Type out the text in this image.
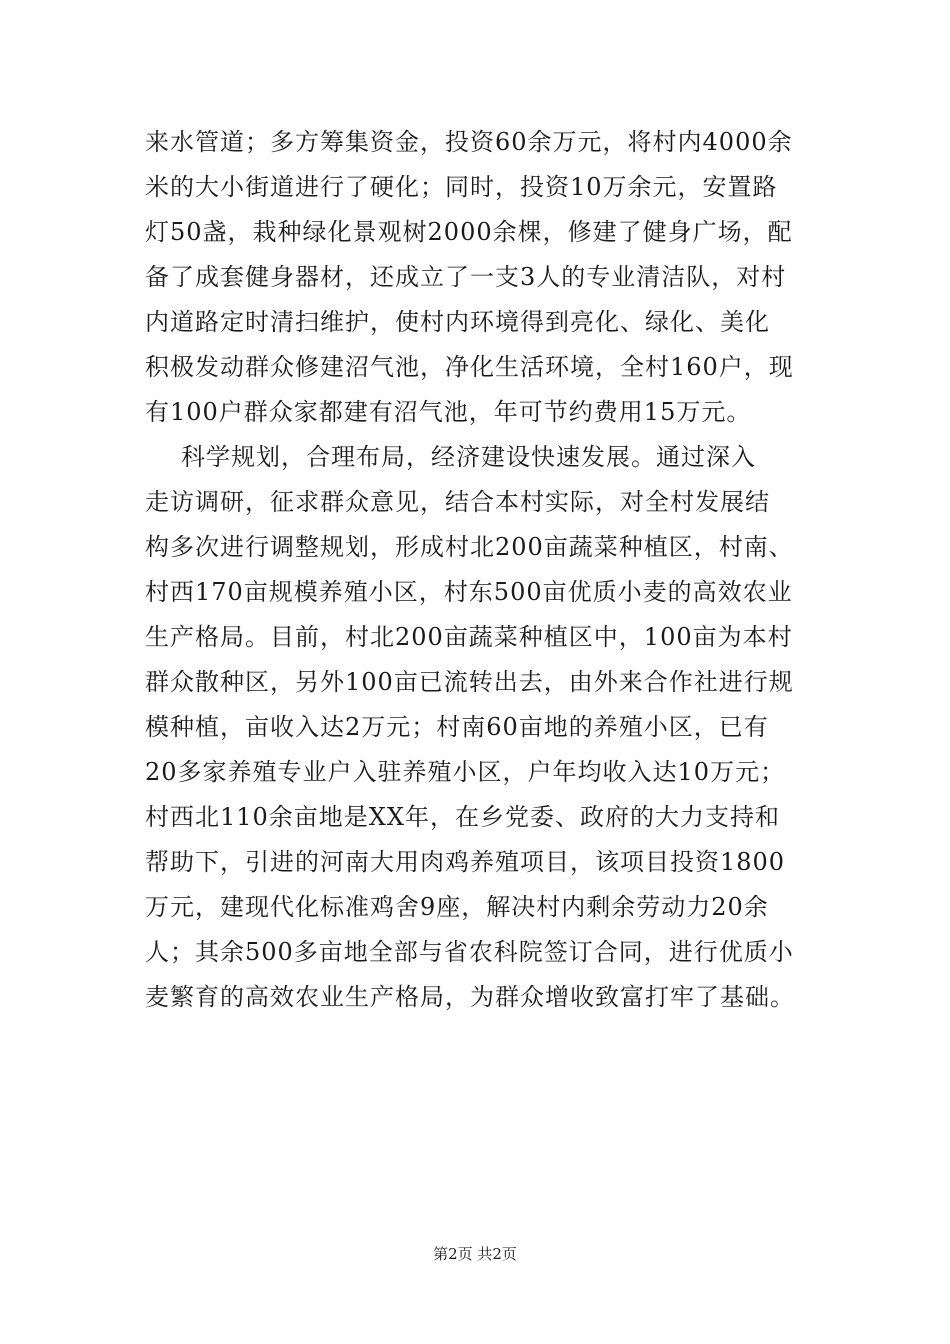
来水管道；多方筹集资金，投资60余万元，将村内4000余
米的大小街道进行了硬化；同时，投资10万余元，安置路
灯50盏，栽种绿化景观树2000余棵，修建了健身广场，配
备了成套健身器材，还成立了一支3人的专业清洁队，对村
内道路定时清扫维护，使村内环境得到亮化、绿化、美化
积极发动群众修建沼气池，净化生活环境，全村160户，现
有100户群众家都建有沼气池，年可节约费用15万元。
科学规划，合理布局，经济建设快速发展。通过深入
走访调研，征求群众意见，结合本村实际，对全村发展结
构多次进行调整规划，形成村北200亩蔬菜种植区，村南、
村西170亩规模养殖小区，村东500亩优质小麦的高效农业
生产格局。目前，村北200亩蔬菜种植区中，100亩为本村
群众散种区，另外100亩已流转出去，由外来合作社进行规
模种植，亩收入达2万元；村南60亩地的养殖小区，已有
20多家养殖专业户入驻养殖小区，户年均收入达10万元；
村西北110余亩地是XX年，在乡党委、政府的大力支持和
帮助下，引进的河南大用肉鸡养殖项目，该项目投资1800
万元，建现代化标准鸡舍9座，解决村内剩余劳动力20余
人；其余500多亩地全部与省农科院签订合同，进行优质小
麦繁育的高效农业生产格局，为群众增收致富打牢了基础。
第2页 共2页
